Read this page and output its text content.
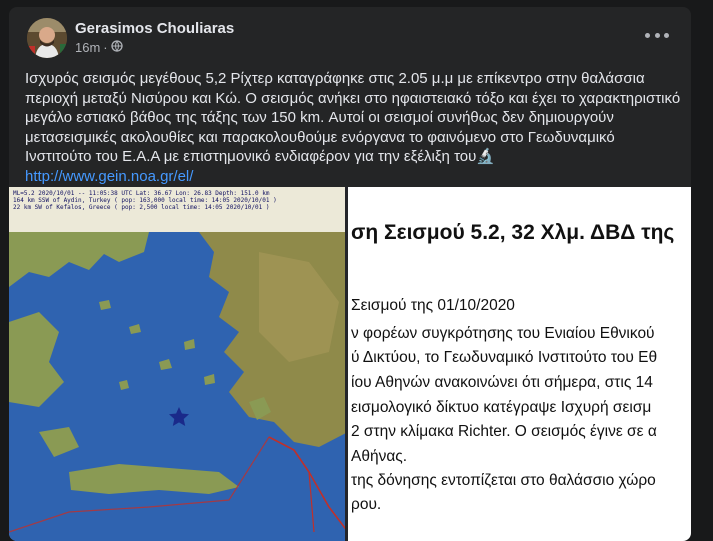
Gerasimos Chouliaras
16m ·
Ισχυρός σεισμός μεγέθους 5,2 Ρίχτερ καταγράφηκε στις 2.05 μ.μ με επίκεντρο στην θαλάσσια περιοχή μεταξύ Νισύρου και Κώ. Ο σεισμός ανήκει στο ηφαιστειακό τόξο και έχει το χαρακτηριστικό μεγάλο εστιακό βάθος της τάξης των 150 km. Αυτοί οι σεισμοί συνήθως δεν δημιουργούν μετασεισμικές ακολουθίες και παρακολουθούμε ενόργανα το φαινόμενο στο Γεωδυναμικό Ινστιτούτο του Ε.Α.Α με επιστημονικό ενδιαφέρον για την εξέλιξη του🔬
http://www.gein.noa.gr/el/
ML=5.2 2020/10/01 -- 11:05:38 UTC Lat: 36.67 Lon: 26.83 Depth: 151.0 km
164 km SSW of Aydin, Turkey ( pop: 163,000 local time: 14:05 2020/10/01 )
22 km SW of Kefalos, Greece ( pop: 2,500 local time: 14:05 2020/10/01 )
ση Σεισμού 5.2, 32 Χλμ. ΔΒΔ της
Σεισμού της 01/10/2020
ν φορέων συγκρότησης του Ενιαίου Εθνικού
ύ Δικτύου, το Γεωδυναμικό Ινστιτούτο του Εθ
ίου Αθηνών ανακοινώνει ότι σήμερα, στις 14
εισμολογικό δίκτυο κατέγραψε Ισχυρή σεισμ
2 στην κλίμακα Richter. Ο σεισμός έγινε σε α
Αθήνας.
της δόνησης εντοπίζεται στο θαλάσσιο χώρο
ρου.
